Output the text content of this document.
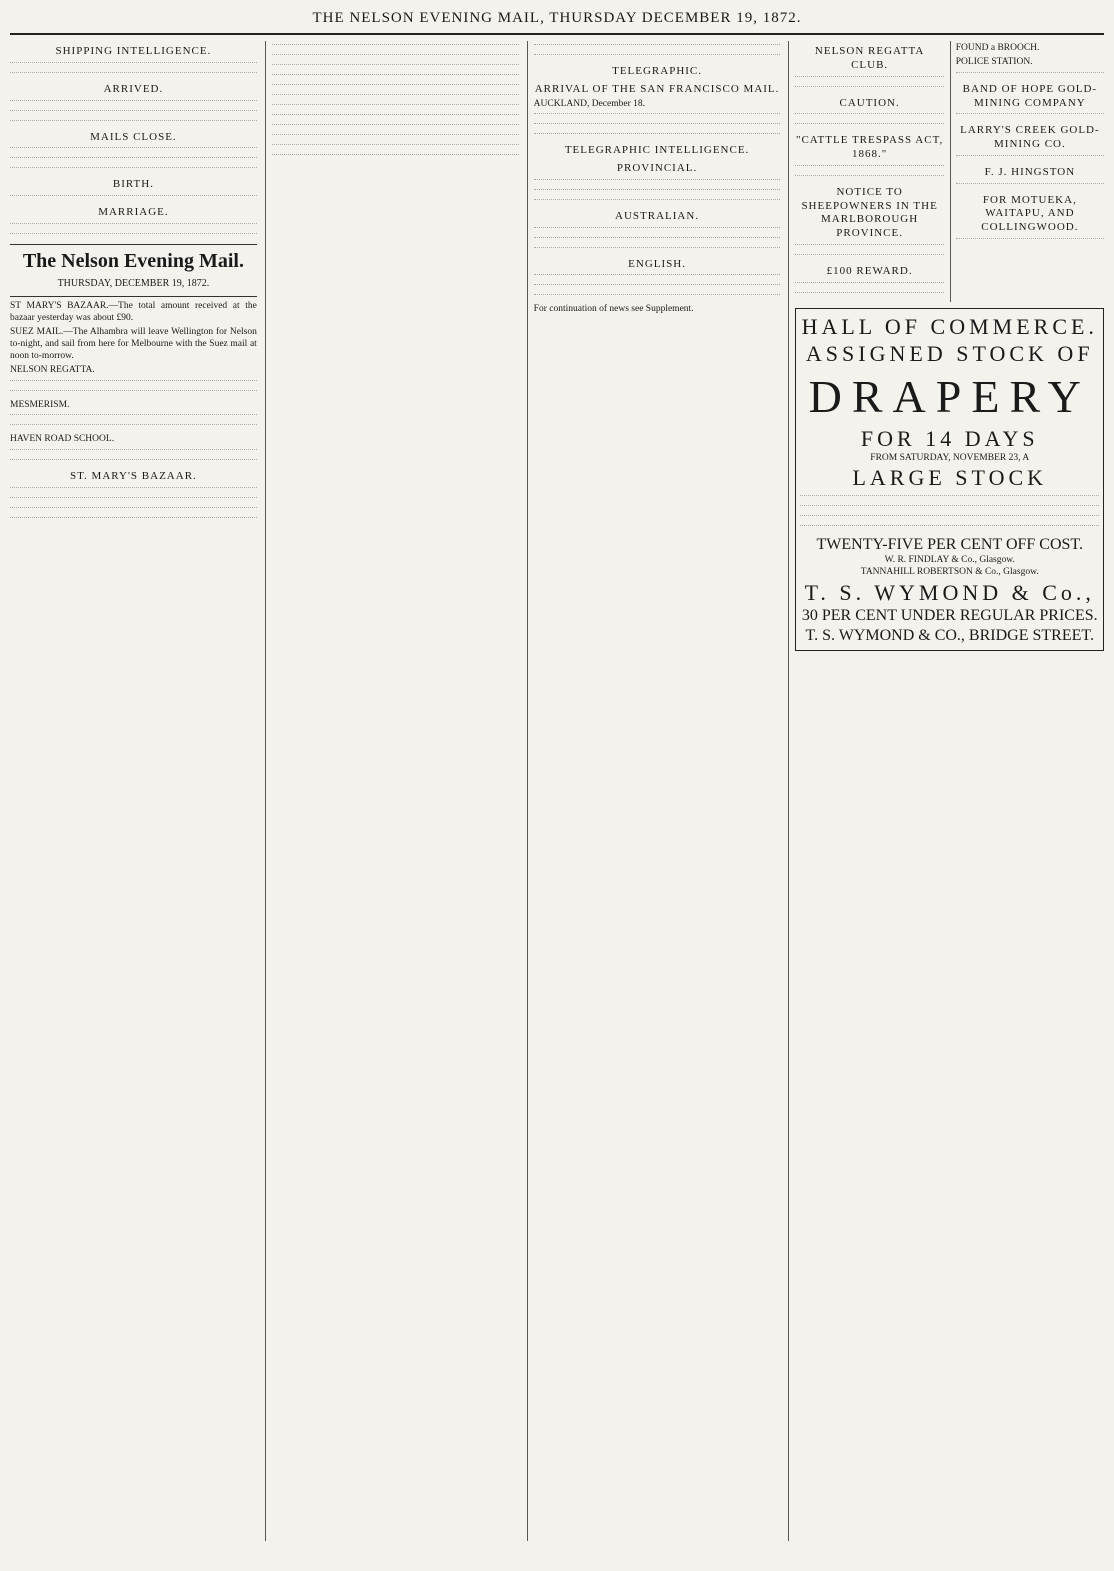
THE NELSON EVENING MAIL, THURSDAY DECEMBER 19, 1872.
SHIPPING INTELLIGENCE.
ARRIVED.
MAILS CLOSE.
BIRTH.
MARRIAGE.
The Nelson Evening Mail.
THURSDAY, DECEMBER 19, 1872.

ST MARY'S BAZAAR.—The total amount received at the bazaar yesterday was about £90.

SUEZ MAIL.—The Alhambra will leave Wellington for Nelson to-night, and sail from here for Melbourne with the Suez mail at noon to-morrow.

NELSON REGATTA.

MESMERISM.

HAVEN ROAD SCHOOL.

ST. MARY'S BAZAAR.
TELEGRAPHIC.
ARRIVAL OF THE SAN FRANCISCO MAIL.

AUCKLAND, December 18.

TELEGRAPHIC INTELLIGENCE.
PROVINCIAL.
AUSTRALIAN.
ENGLISH.

For continuation of news see Supplement.

NELSON REGATTA CLUB.
CAUTION.
"CATTLE TRESPASS ACT, 1868."
NOTICE TO SHEEPOWNERS IN THE MARLBOROUGH PROVINCE.
£100 REWARD.

FOUND a BROOCH.

POLICE STATION.

BAND OF HOPE GOLD-MINING COMPANY
LARRY'S CREEK GOLD-MINING CO.
F. J. HINGSTON
FOR MOTUEKA, WAITAPU, AND COLLINGWOOD.
HALL OF COMMERCE.
ASSIGNED STOCK OF
DRAPERY
FOR 14 DAYS
FROM SATURDAY, NOVEMBER 23, A
LARGE STOCK
TWENTY-FIVE PER CENT OFF COST.
W. R. FINDLAY & Co., Glasgow.
TANNAHILL ROBERTSON & Co., Glasgow.
T. S. WYMOND & Co.,
30 PER CENT UNDER REGULAR PRICES.
T. S. WYMOND & CO., BRIDGE STREET.
